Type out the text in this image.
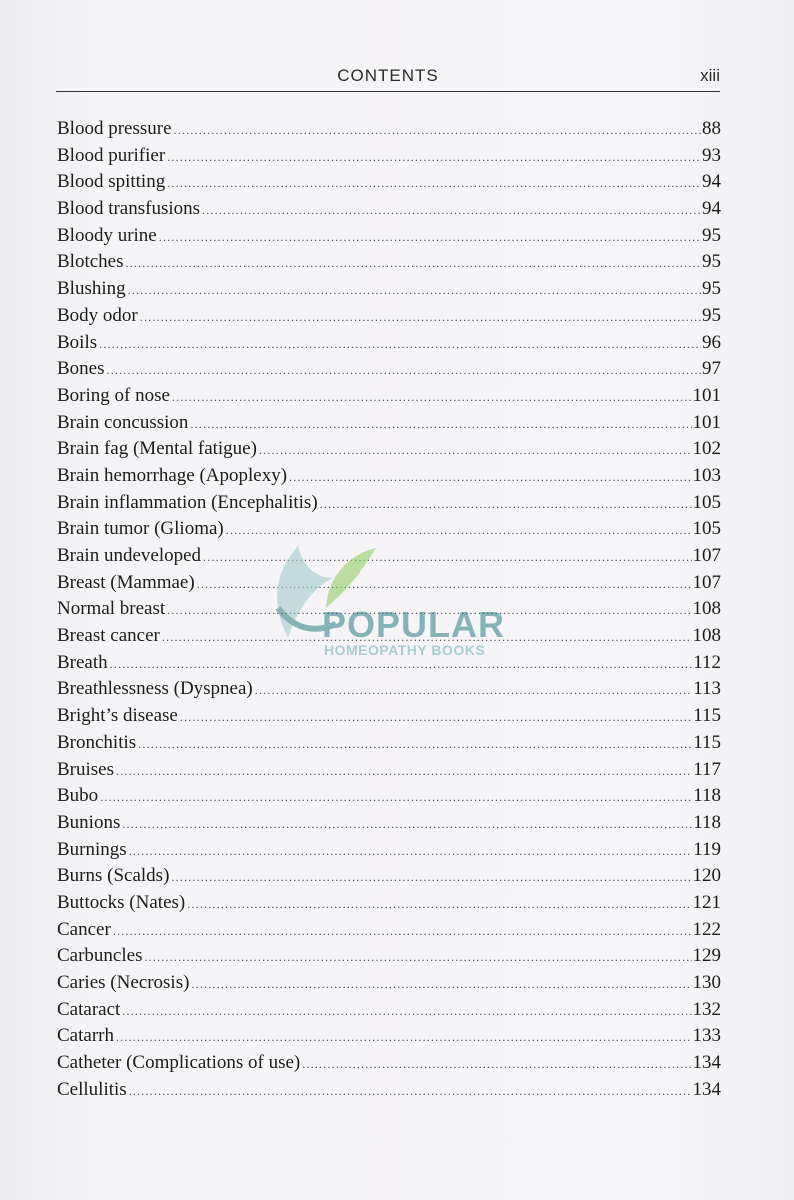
CONTENTS	xiii
Blood pressure .....	88
Blood purifier .....	93
Blood spitting .....	94
Blood transfusions .....	94
Bloody urine .....	95
Blotches .....	95
Blushing .....	95
Body odor .....	95
Boils .....	96
Bones .....	97
Boring of nose .....	101
Brain concussion .....	101
Brain fag (Mental fatigue) .....	102
Brain hemorrhage (Apoplexy) .....	103
Brain inflammation (Encephalitis) .....	105
Brain tumor (Glioma) .....	105
Brain undeveloped .....	107
Breast (Mammae) .....	107
Normal breast .....	108
Breast cancer .....	108
Breath .....	112
Breathlessness (Dyspnea) .....	113
Bright’s disease .....	115
Bronchitis .....	115
Bruises .....	117
Bubo .....	118
Bunions .....	118
Burnings .....	119
Burns (Scalds) .....	120
Buttocks (Nates) .....	121
Cancer .....	122
Carbuncles .....	129
Caries (Necrosis) .....	130
Cataract .....	132
Catarrh .....	133
Catheter (Complications of use) .....	134
Cellulitis .....	134
POPULAR
HOMEOPATHY BOOKS
